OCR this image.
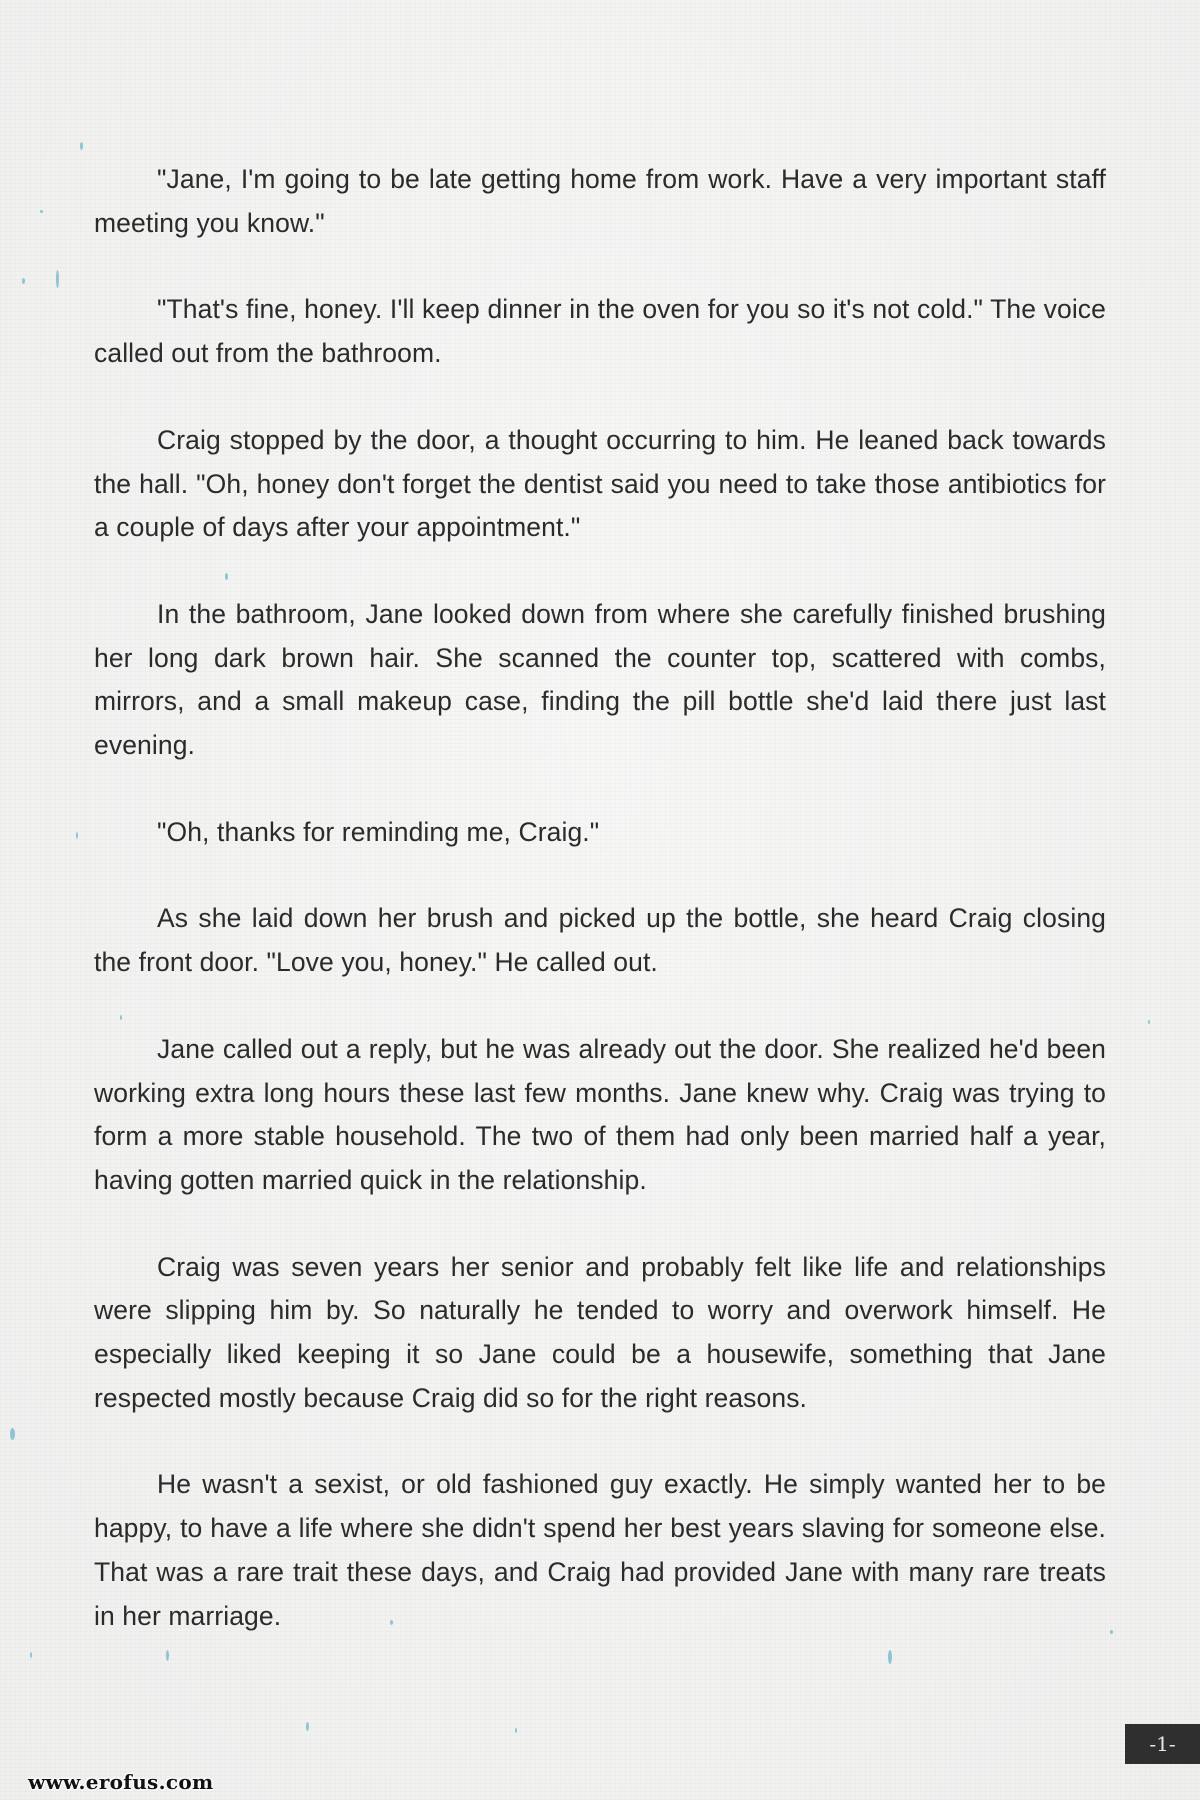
"Jane, I'm going to be late getting home from work. Have a very important staff meeting you know."

"That's fine, honey. I'll keep dinner in the oven for you so it's not cold." The voice called out from the bathroom.

Craig stopped by the door, a thought occurring to him. He leaned back towards the hall. "Oh, honey don't forget the dentist said you need to take those antibiotics for a couple of days after your appointment."

In the bathroom, Jane looked down from where she carefully finished brushing her long dark brown hair. She scanned the counter top, scattered with combs, mirrors, and a small makeup case, finding the pill bottle she'd laid there just last evening.

"Oh, thanks for reminding me, Craig."

As she laid down her brush and picked up the bottle, she heard Craig closing the front door. "Love you, honey." He called out.

Jane called out a reply, but he was already out the door. She realized he'd been working extra long hours these last few months. Jane knew why. Craig was trying to form a more stable household. The two of them had only been married half a year, having gotten married quick in the relationship.

Craig was seven years her senior and probably felt like life and relationships were slipping him by. So naturally he tended to worry and overwork himself. He especially liked keeping it so Jane could be a housewife, something that Jane respected mostly because Craig did so for the right reasons.

He wasn't a sexist, or old fashioned guy exactly. He simply wanted her to be happy, to have a life where she didn't spend her best years slaving for someone else. That was a rare trait these days, and Craig had provided Jane with many rare treats in her marriage.

-1-
www.erofus.com
